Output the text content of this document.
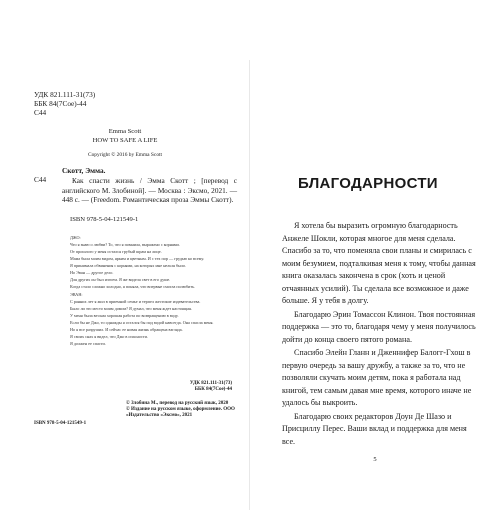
УДК 821.111-31(73)
ББК 84(7Сое)-44
С44
Emma Scott
HOW TO SAFE A LIFE
Copyright © 2016 by Emma Scott
С44
Скотт, Эмма.
Как спасти жизнь / Эмма Скотт ; [перевод с английского М. Злобиной]. — Москва : Эксмо, 2021. — 448 с. — (Freedom. Романтическая проза Эммы Скотт).
ISBN 978-5-04-121549-1

ДЖО:

Что я знаю о любви? То, что я помнила, выражено с корнями.

От прошлого у меня остался грубый шрам на лице.

Мама была моим видом, ярким и цветным. И с тех пор — грудью ко всему.

Я принимала обвинения с корнями, на которых мне нельзя было.

Но Эван — другое дело.

Для других он был изгоем. Я же видела свет в его душе.

Когда стало сложно холодно, я поняла, что впервые смогла полюбить.

ЭВАН:

С ранних лет я жил в приемной семье и терпел жестокие издевательства.

Было ли это место моим домом? Я думал, что меня ждет настоящая.

У меня была весьма хорошая работа по возвращению в воду.

Если бы не Джо, то однажды я остался бы под водой навсегда. Она спасла меня.

Но я все разрушил. И сейчас ее новая жизнь обращена взгляда.

Я своих снах я видел, что Джо в опасности.

Я должен ее спасти.

УДК 821.111-31(73)
ББК 84(7Сое)-44

© Злобина М., перевод на русский язык, 2020

© Издание на русском языке, оформление. ООО «Издательство «Эксмо», 2021

ISBN 978-5-04-121549-1
БЛАГОДАРНОСТИ

Я хотела бы выразить огромную благодарность Анжеле Шокли, которая многое для меня сделала. Спасибо за то, что поменяла свои планы и смирилась с моим безумием, подталкивая меня к тому, чтобы данная книга оказалась закончена в срок (хоть и ценой отчаянных усилий). Ты сделала все возможное и даже больше. Я у тебя в долгу.

Благодарю Эрин Томассон Клинон. Твоя постоянная поддержка — это то, благодаря чему у меня получилось дойти до конца своего пятого романа.

Спасибо Элейн Гланн и Дженнифер Балогг-Гхош в первую очередь за вашу дружбу, а также за то, что не позволяли скучать моим детям, пока я работала над книгой, тем самым давая мне время, которого иначе не удалось бы выкроить.

Благодарю своих редакторов Доун Де Шазо и Присциллу Перес. Ваши вклад и поддержка для меня все.

5
